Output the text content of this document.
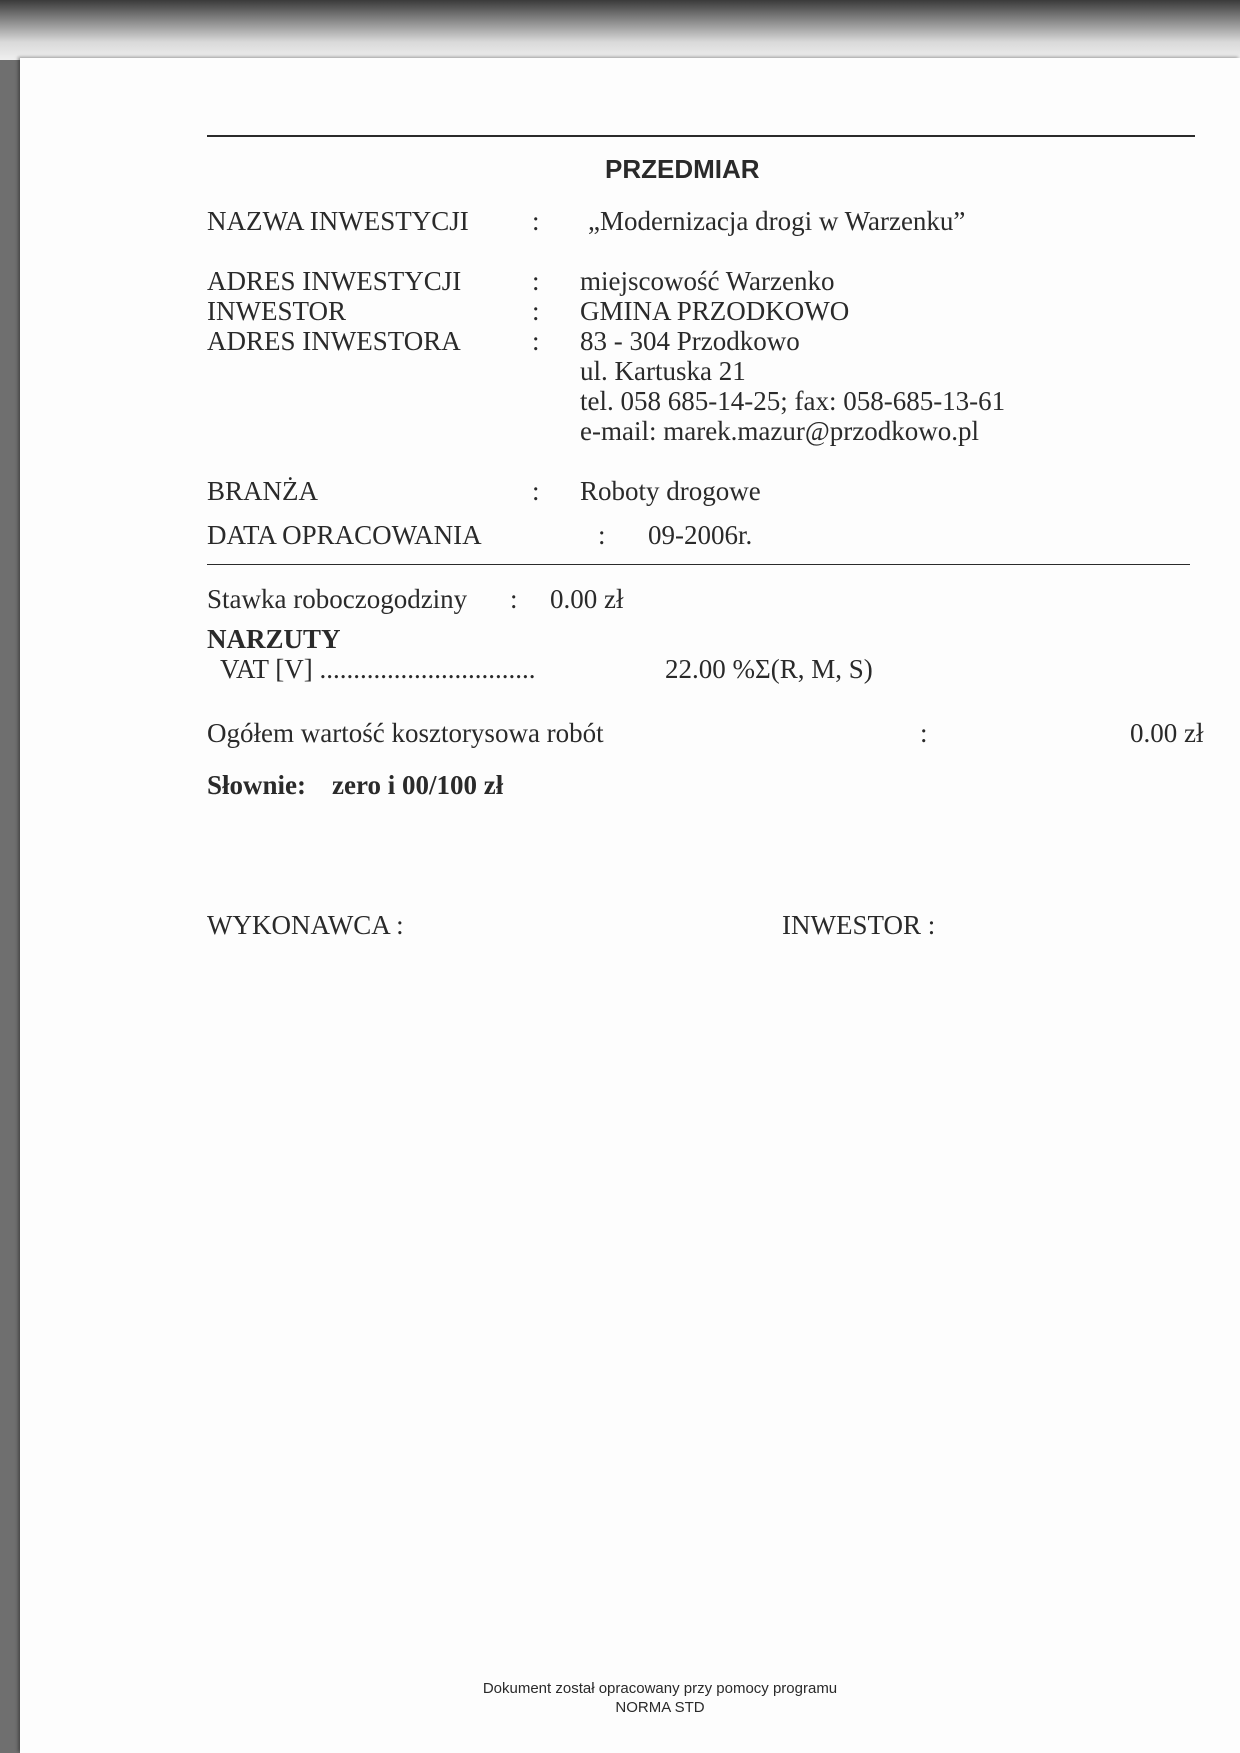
PRZEDMIAR
NAZWA INWESTYCJI : „Modernizacja drogi w Warzenku”
ADRES INWESTYCJI	: miejscowość Warzenko
INWESTOR	: GMINA PRZODKOWO
ADRES INWESTORA	: 83 - 304 Przodkowo
ul. Kartuska 21
tel. 058 685-14-25; fax: 058-685-13-61
e-mail: marek.mazur@przodkowo.pl
BRANŻA	: Roboty drogowe
DATA OPRACOWANIA	: 09-2006r.
Stawka roboczogodziny : 0.00 zł
NARZUTY
VAT [V] ................................	22.00 %Σ(R, M, S)
Ogółem wartość kosztorysowa robót	:	0.00 zł
Słownie: zero i 00/100 zł
WYKONAWCA :	INWESTOR :
Dokument został opracowany przy pomocy programu
NORMA STD
